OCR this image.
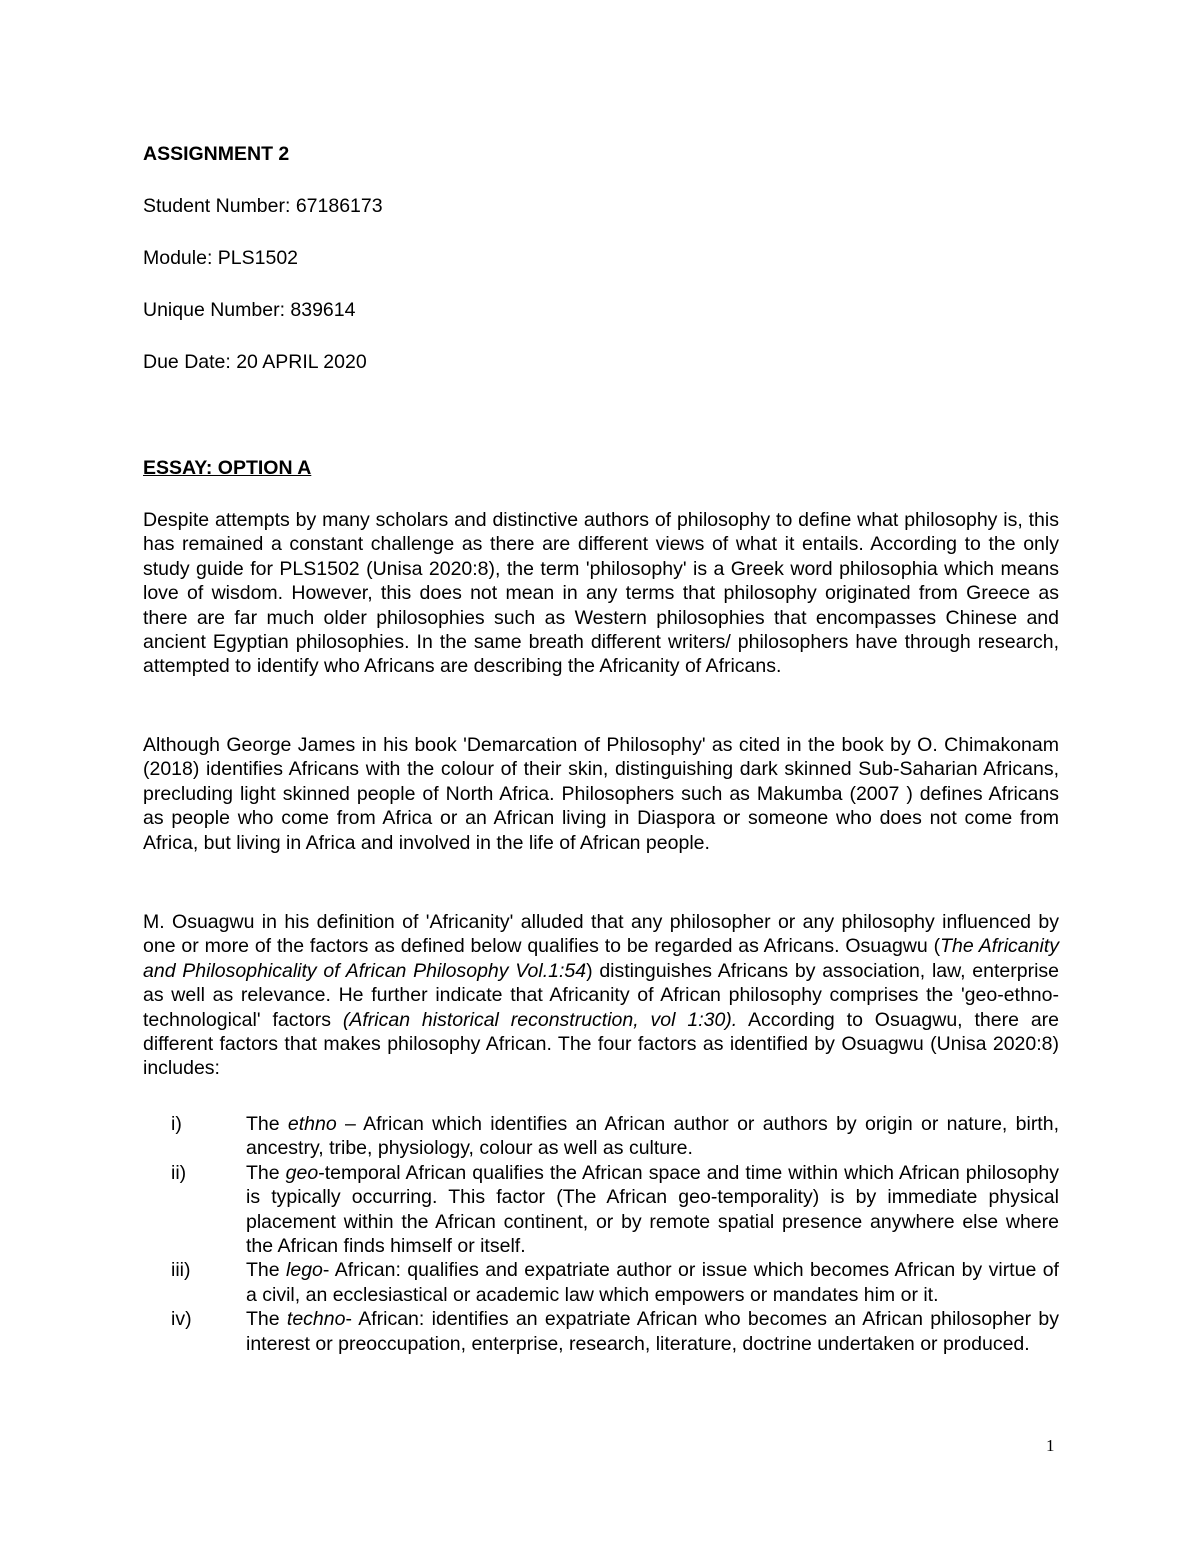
ASSIGNMENT 2
Student Number: 67186173
Module: PLS1502
Unique Number: 839614
Due Date: 20 APRIL 2020
ESSAY: OPTION A
Despite attempts by many scholars and distinctive authors of philosophy to define what philosophy is, this has remained a constant challenge as there are different views of what it entails. According to the only study guide for PLS1502 (Unisa 2020:8), the term 'philosophy' is a Greek word philosophia which means love of wisdom. However, this does not mean in any terms that philosophy originated from Greece as there are far much older philosophies such as Western philosophies that encompasses Chinese and ancient Egyptian philosophies. In the same breath different writers/ philosophers have through research, attempted to identify who Africans are describing the Africanity of Africans.
Although George James in his book 'Demarcation of Philosophy' as cited in the book by O. Chimakonam (2018) identifies Africans with the colour of their skin, distinguishing dark skinned Sub-Saharian Africans, precluding light skinned people of North Africa. Philosophers such as Makumba (2007 ) defines Africans as people who come from Africa or an African living in Diaspora or someone who does not come from Africa, but living in Africa and involved in the life of African people.
M. Osuagwu in his definition of 'Africanity' alluded that any philosopher or any philosophy influenced by one or more of the factors as defined below qualifies to be regarded as Africans. Osuagwu (The Africanity and Philosophicality of African Philosophy Vol.1:54) distinguishes Africans by association, law, enterprise as well as relevance. He further indicate that Africanity of African philosophy comprises the 'geo-ethno-technological' factors (African historical reconstruction, vol 1:30). According to Osuagwu, there are different factors that makes philosophy African. The four factors as identified by Osuagwu (Unisa 2020:8) includes:
i)	The ethno – African which identifies an African author or authors by origin or nature, birth, ancestry, tribe, physiology, colour as well as culture.
ii)	The geo-temporal African qualifies the African space and time within which African philosophy is typically occurring. This factor (The African geo-temporality) is by immediate physical placement within the African continent, or by remote spatial presence anywhere else where the African finds himself or itself.
iii)	The lego- African: qualifies and expatriate author or issue which becomes African by virtue of a civil, an ecclesiastical or academic law which empowers or mandates him or it.
iv)	The techno- African: identifies an expatriate African who becomes an African philosopher by interest or preoccupation, enterprise, research, literature, doctrine undertaken or produced.
1
